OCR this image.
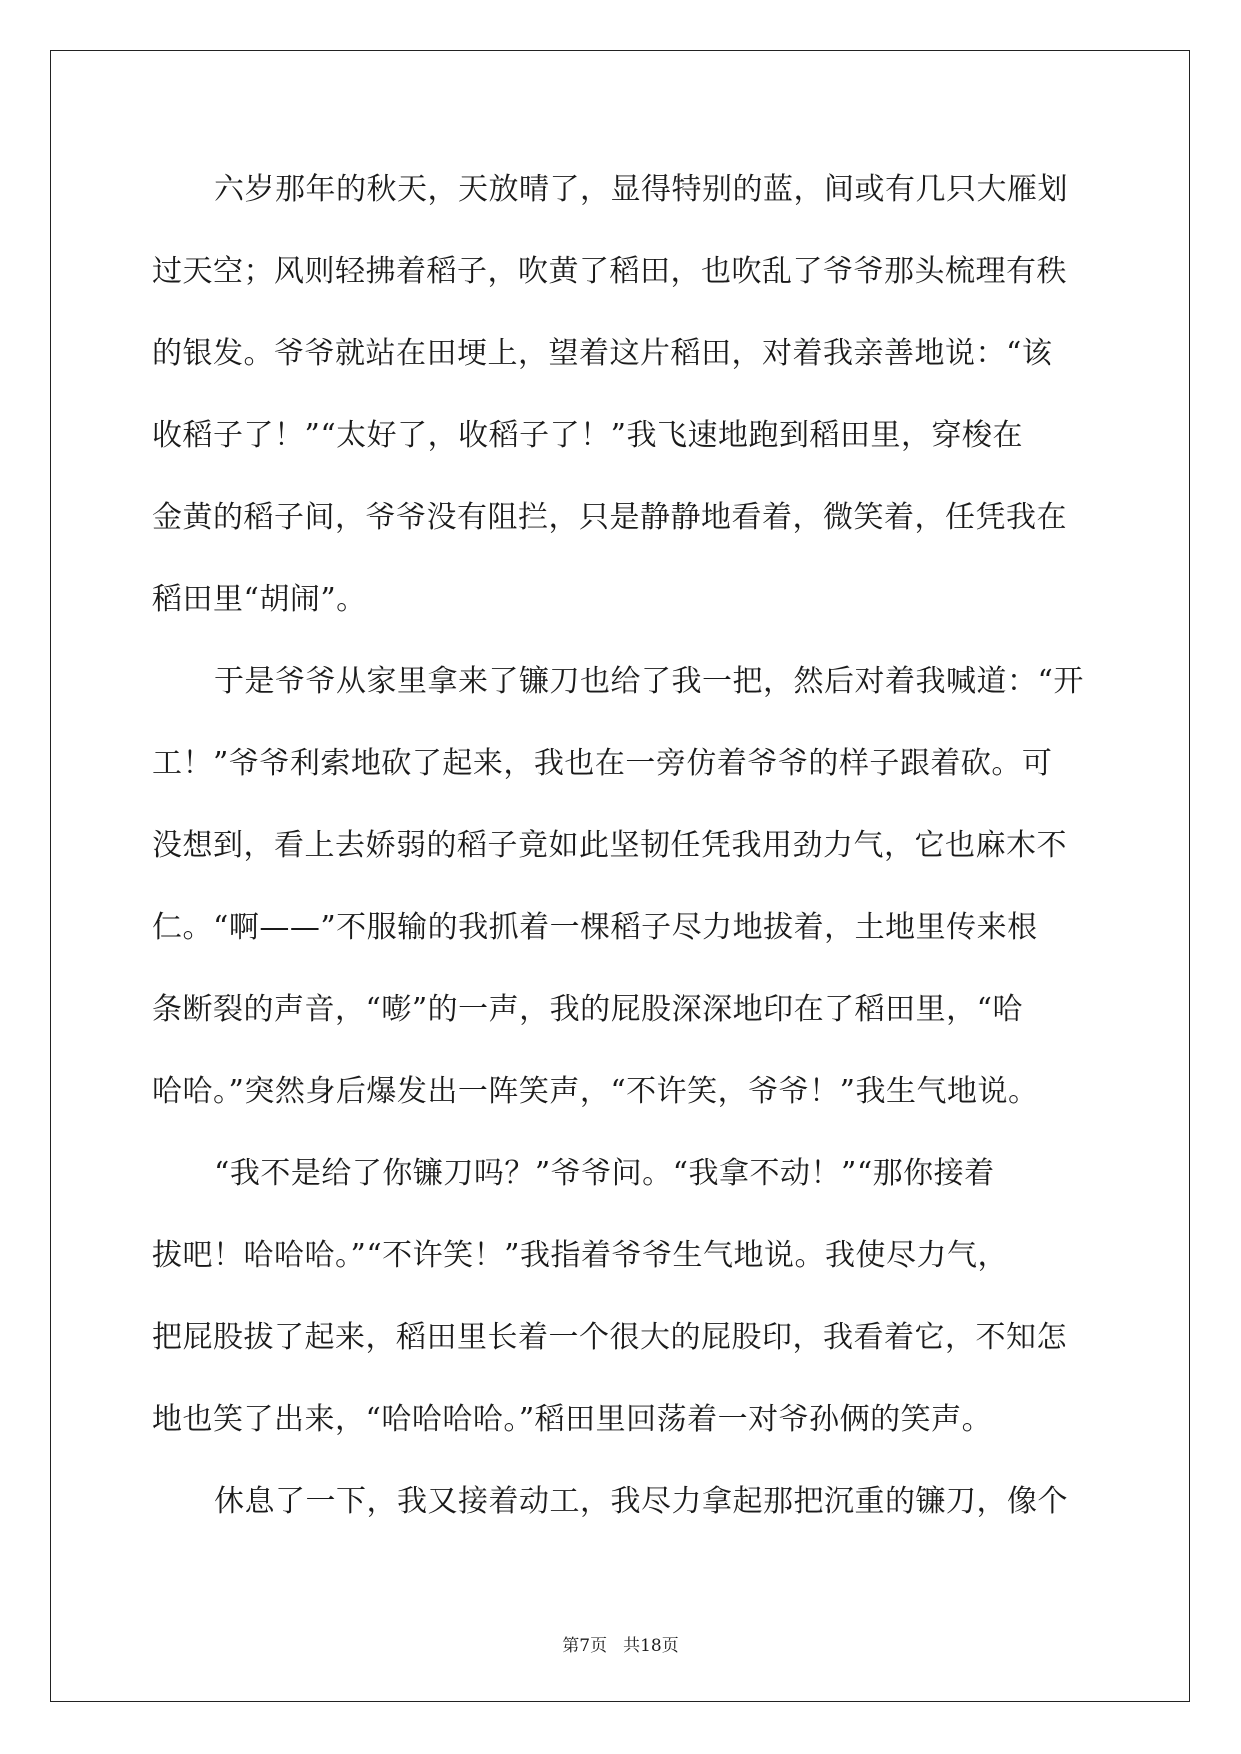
六岁那年的秋天，天放晴了，显得特别的蓝，间或有几只大雁划
过天空；风则轻拂着稻子，吹黄了稻田，也吹乱了爷爷那头梳理有秩
的银发。爷爷就站在田埂上，望着这片稻田，对着我亲善地说：“该
收稻子了！”“太好了，收稻子了！”我飞速地跑到稻田里，穿梭在
金黄的稻子间，爷爷没有阻拦，只是静静地看着，微笑着，任凭我在
稻田里“胡闹”。
于是爷爷从家里拿来了镰刀也给了我一把，然后对着我喊道：“开
工！”爷爷利索地砍了起来，我也在一旁仿着爷爷的样子跟着砍。可
没想到，看上去娇弱的稻子竟如此坚韧任凭我用劲力气，它也麻木不
仁。“啊——”不服输的我抓着一棵稻子尽力地拔着，土地里传来根
条断裂的声音，“嘭”的一声，我的屁股深深地印在了稻田里，“哈
哈哈。”突然身后爆发出一阵笑声，“不许笑，爷爷！”我生气地说。
“我不是给了你镰刀吗？”爷爷问。“我拿不动！”“那你接着
拔吧！哈哈哈。”“不许笑！”我指着爷爷生气地说。我使尽力气，
把屁股拔了起来，稻田里长着一个很大的屁股印，我看着它，不知怎
地也笑了出来，“哈哈哈哈。”稻田里回荡着一对爷孙俩的笑声。
休息了一下，我又接着动工，我尽力拿起那把沉重的镰刀，像个
第7页 共18页
